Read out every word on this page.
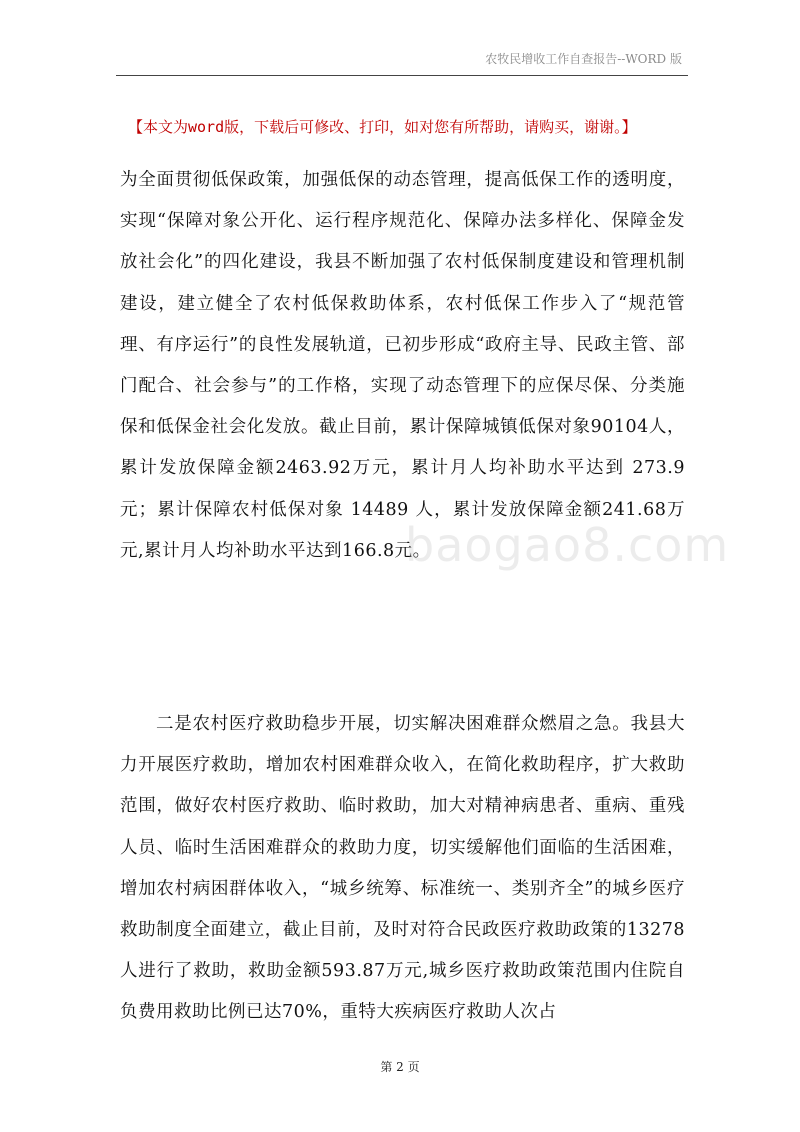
农牧民增收工作自查报告--WORD 版
【本文为word版，下载后可修改、打印，如对您有所帮助，请购买，谢谢。】

为全面贯彻低保政策，加强低保的动态管理，提高低保工作的透明度，实现“保障对象公开化、运行程序规范化、保障办法多样化、保障金发放社会化”的四化建设，我县不断加强了农村低保制度建设和管理机制建设，建立健全了农村低保救助体系，农村低保工作步入了“规范管理、有序运行”的良性发展轨道，已初步形成“政府主导、民政主管、部门配合、社会参与”的工作格，实现了动态管理下的应保尽保、分类施保和低保金社会化发放。截止目前，累计保障城镇低保对象90104人，累计发放保障金额2463.92万元，累计月人均补助水平达到 273.9 元；累计保障农村低保对象 14489 人，累计发放保障金额241.68万元,累计月人均补助水平达到166.8元。

baogao8.com

二是农村医疗救助稳步开展，切实解决困难群众燃眉之急。我县大力开展医疗救助，增加农村困难群众收入，在简化救助程序，扩大救助范围，做好农村医疗救助、临时救助，加大对精神病患者、重病、重残人员、临时生活困难群众的救助力度，切实缓解他们面临的生活困难，增加农村病困群体收入，“城乡统筹、标准统一、类别齐全”的城乡医疗救助制度全面建立，截止目前，及时对符合民政医疗救助政策的13278人进行了救助，救助金额593.87万元,城乡医疗救助政策范围内住院自负费用救助比例已达70%，重特大疾病医疗救助人次占

第 2 页
